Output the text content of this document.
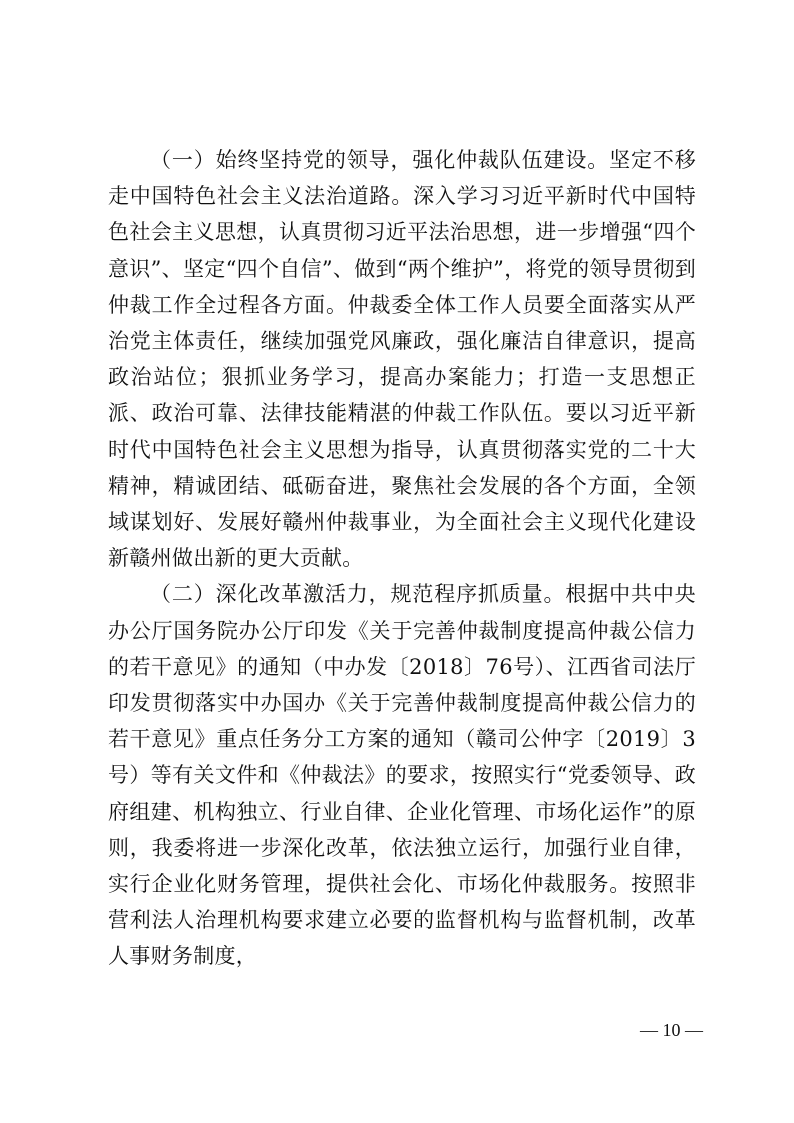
（一）始终坚持党的领导，强化仲裁队伍建设。坚定不移走中国特色社会主义法治道路。深入学习习近平新时代中国特色社会主义思想，认真贯彻习近平法治思想，进一步增强“四个意识”、坚定“四个自信”、做到“两个维护”，将党的领导贯彻到仲裁工作全过程各方面。仲裁委全体工作人员要全面落实从严治党主体责任，继续加强党风廉政，强化廉洁自律意识，提高政治站位；狠抓业务学习，提高办案能力；打造一支思想正派、政治可靠、法律技能精湛的仲裁工作队伍。要以习近平新时代中国特色社会主义思想为指导，认真贯彻落实党的二十大精神，精诚团结、砥砺奋进，聚焦社会发展的各个方面，全领域谋划好、发展好赣州仲裁事业，为全面社会主义现代化建设新赣州做出新的更大贡献。

（二）深化改革激活力，规范程序抓质量。根据中共中央办公厅国务院办公厅印发《关于完善仲裁制度提高仲裁公信力的若干意见》的通知（中办发〔2018〕76号）、江西省司法厅印发贯彻落实中办国办《关于完善仲裁制度提高仲裁公信力的若干意见》重点任务分工方案的通知（赣司公仲字〔2019〕3号）等有关文件和《仲裁法》的要求，按照实行“党委领导、政府组建、机构独立、行业自律、企业化管理、市场化运作”的原则，我委将进一步深化改革，依法独立运行，加强行业自律，实行企业化财务管理，提供社会化、市场化仲裁服务。按照非营利法人治理机构要求建立必要的监督机构与监督机制，改革人事财务制度，

— 10 —
